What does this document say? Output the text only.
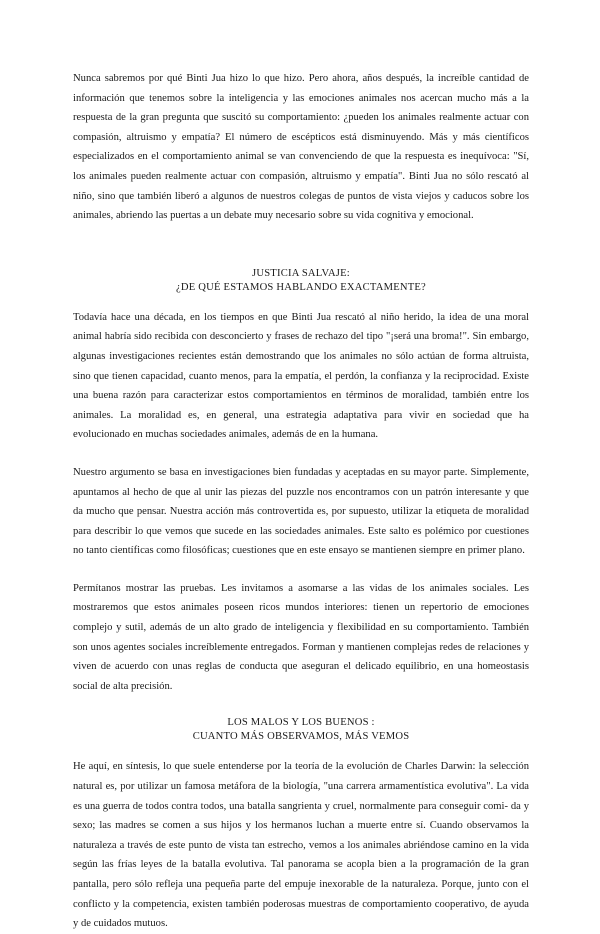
Nunca sabremos por qué Binti Jua hizo lo que hizo. Pero ahora, años después, la increíble cantidad de información que tenemos sobre la inteligencia y las emociones animales nos acercan mucho más a la respuesta de la gran pregunta que suscitó su comportamiento: ¿pueden los animales realmente actuar con compasión, altruismo y empatía? El número de escépticos está disminuyendo. Más y más científicos especializados en el comportamiento animal se van convenciendo de que la respuesta es inequívoca: "Sí, los animales pueden realmente actuar con compasión, altruismo y empatía". Binti Jua no sólo rescató al niño, sino que también liberó a algunos de nuestros colegas de puntos de vista viejos y caducos sobre los animales, abriendo las puertas a un debate muy necesario sobre su vida cognitiva y emocional.

JUSTICIA SALVAJE:
¿DE QUÉ ESTAMOS HABLANDO EXACTAMENTE?

Todavía hace una década, en los tiempos en que Binti Jua rescató al niño herido, la idea de una moral animal habría sido recibida con desconcierto y frases de rechazo del tipo "¡será una broma!". Sin embargo, algunas investigaciones recientes están demostrando que los animales no sólo actúan de forma altruista, sino que tienen capacidad, cuanto menos, para la empatía, el perdón, la confianza y la reciprocidad. Existe una buena razón para caracterizar estos comportamientos en términos de moralidad, también entre los animales. La moralidad es, en general, una estrategia adaptativa para vivir en sociedad que ha evolucionado en muchas sociedades animales, además de en la humana.

Nuestro argumento se basa en investigaciones bien fundadas y aceptadas en su mayor parte. Simplemente, apuntamos al hecho de que al unir las piezas del puzzle nos encontramos con un patrón interesante y que da mucho que pensar. Nuestra acción más controvertida es, por supuesto, utilizar la etiqueta de moralidad para describir lo que vemos que sucede en las sociedades animales. Este salto es polémico por cuestiones no tanto científicas como filosóficas; cuestiones que en este ensayo se mantienen siempre en primer plano.

Permítanos mostrar las pruebas. Les invitamos a asomarse a las vidas de los animales sociales. Les mostraremos que estos animales poseen ricos mundos interiores: tienen un repertorio de emociones complejo y sutil, además de un alto grado de inteligencia y flexibilidad en su comportamiento. También son unos agentes sociales increíblemente entregados. Forman y mantienen complejas redes de relaciones y viven de acuerdo con unas reglas de conducta que aseguran el delicado equilibrio, en una homeostasis social de alta precisión.

LOS MALOS Y LOS BUENOS :
CUANTO MÁS OBSERVAMOS, MÁS VEMOS

He aquí, en síntesis, lo que suele entenderse por la teoría de la evolución de Charles Darwin: la selección natural es, por utilizar un famosa metáfora de la biología, "una carrera armamentística evolutiva". La vida es una guerra de todos contra todos, una batalla sangrienta y cruel, normalmente para conseguir comi- da y sexo; las madres se comen a sus hijos y los hermanos luchan a muerte entre sí. Cuando observamos la naturaleza a través de este punto de vista tan estrecho, vemos a los animales abriéndose camino en la vida según las frías leyes de la batalla evolutiva. Tal panorama se acopla bien a la programación de la gran pantalla, pero sólo refleja una pequeña parte del empuje inexorable de la naturaleza. Porque, junto con el conflicto y la competencia, existen también poderosas muestras de comportamiento cooperativo, de ayuda y de cuidados mutuos.
